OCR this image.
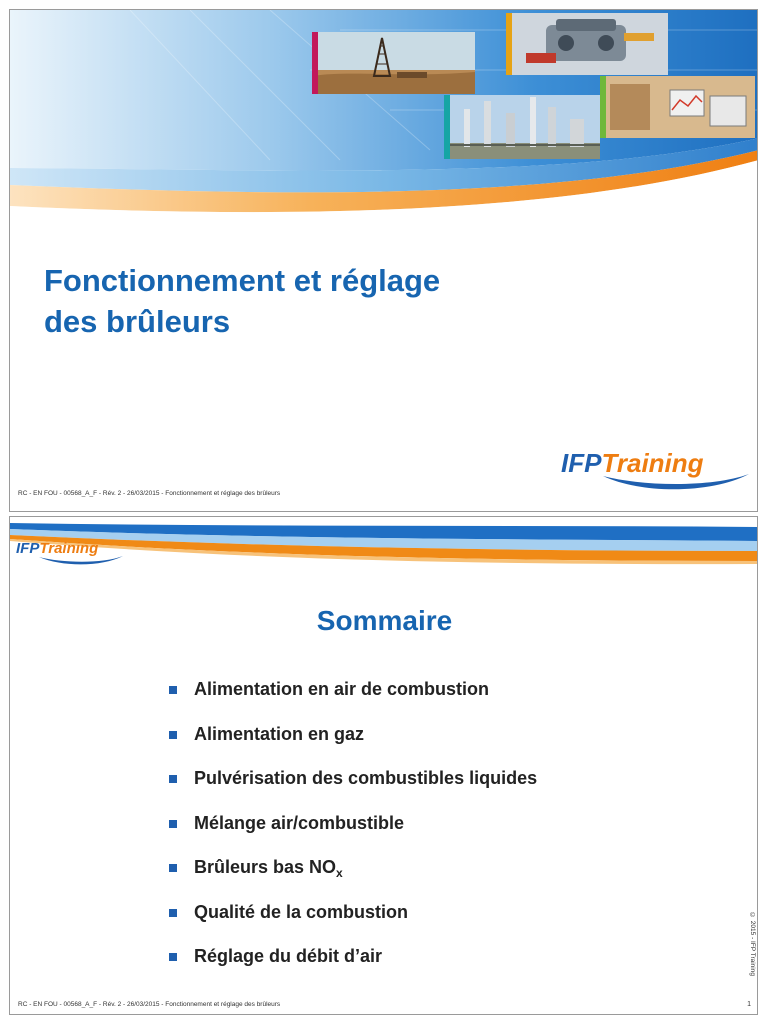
Fonctionnement et réglage
des brûleurs
IFPTraining
RC - EN FOU - 00568_A_F - Rév. 2 - 26/03/2015 - Fonctionnement et réglage des brûleurs
IFPTraining
Sommaire
Alimentation en air de combustion
Alimentation en gaz
Pulvérisation des combustibles liquides
Mélange air/combustible
Brûleurs bas $NO_x$
Qualité de la combustion
Réglage du débit d’air	© 2015 - IFP Training
RC - EN FOU - 00568_A_F - Rév. 2 - 26/03/2015 - Fonctionnement et réglage des brûleurs	1
